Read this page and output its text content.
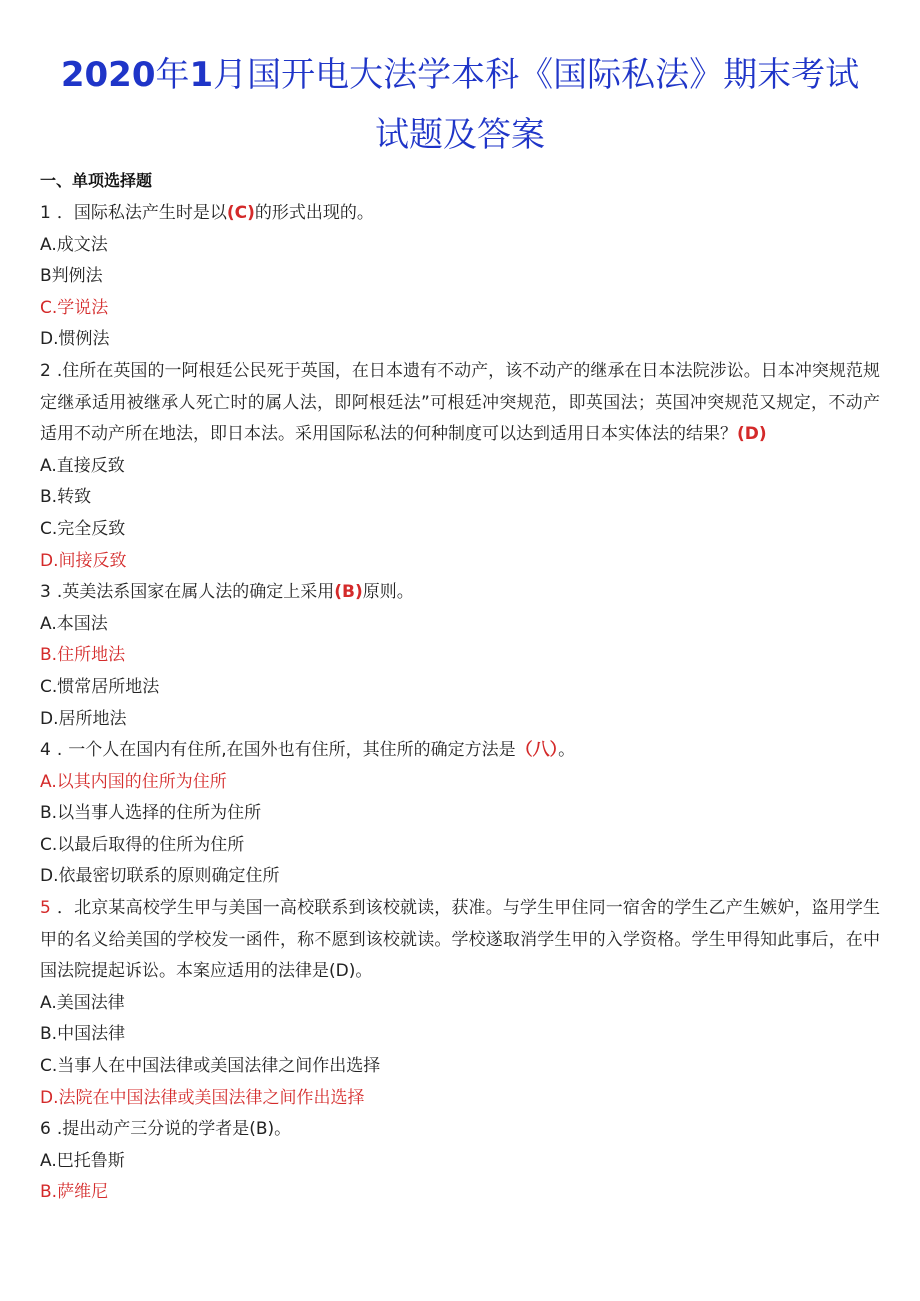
2020年1月国开电大法学本科《国际私法》期末考试
试题及答案
一、单项选择题
1．国际私法产生时是以(C)的形式出现的。
A.成文法
B判例法
C.学说法
D.惯例法
2.住所在英国的一阿根廷公民死于英国，在日本遗有不动产，该不动产的继承在日本法院涉讼。日本冲突规范规定继承适用被继承人死亡时的属人法，即阿根廷法”可根廷冲突规范，即英国法；英国冲突规范又规定，不动产适用不动产所在地法，即日本法。采用国际私法的何种制度可以达到适用日本实体法的结果？(D)
A.直接反致
B.转致
C.完全反致
D.间接反致
3.英美法系国家在属人法的确定上采用(B)原则。
A.本国法
B.住所地法
C.惯常居所地法
D.居所地法
4.一个人在国内有住所,在国外也有住所，其住所的确定方法是（八）。
A.以其内国的住所为住所
B.以当事人选择的住所为住所
C.以最后取得的住所为住所
D.依最密切联系的原则确定住所
5．北京某高校学生甲与美国一高校联系到该校就读，获准。与学生甲住同一宿舍的学生乙产生嫉妒，盗用学生甲的名义给美国的学校发一函件，称不愿到该校就读。学校遂取消学生甲的入学资格。学生甲得知此事后，在中国法院提起诉讼。本案应适用的法律是(D)。
A.美国法律
B.中国法律
C.当事人在中国法律或美国法律之间作出选择
D.法院在中国法律或美国法律之间作出选择
6.提出动产三分说的学者是(B)。
A.巴托鲁斯
B.萨维尼
